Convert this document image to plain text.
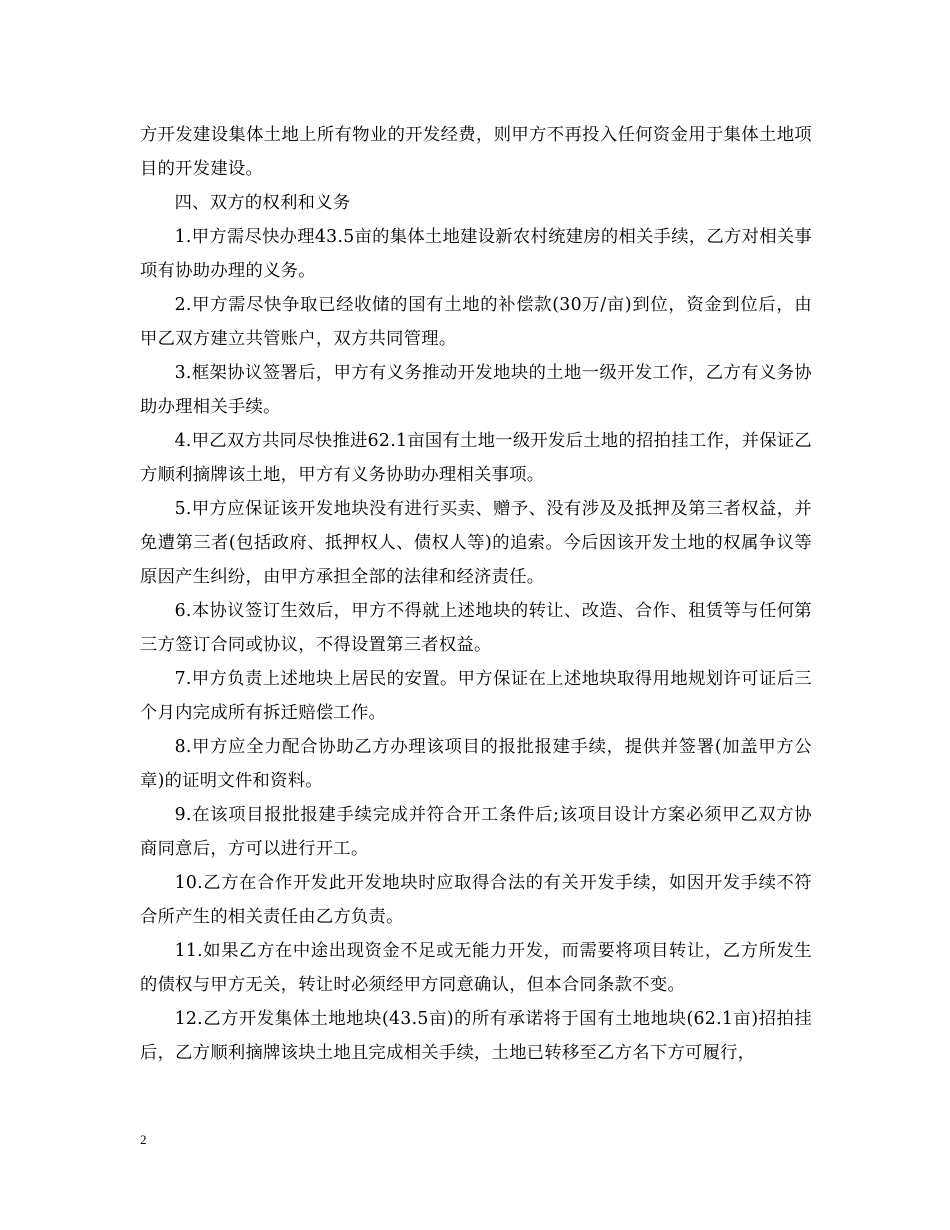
方开发建设集体土地上所有物业的开发经费，则甲方不再投入任何资金用于集体土地项目的开发建设。

四、双方的权利和义务

1.甲方需尽快办理43.5亩的集体土地建设新农村统建房的相关手续，乙方对相关事项有协助办理的义务。

2.甲方需尽快争取已经收储的国有土地的补偿款(30万/亩)到位，资金到位后，由甲乙双方建立共管账户，双方共同管理。

3.框架协议签署后，甲方有义务推动开发地块的土地一级开发工作，乙方有义务协助办理相关手续。

4.甲乙双方共同尽快推进62.1亩国有土地一级开发后土地的招拍挂工作，并保证乙方顺利摘牌该土地，甲方有义务协助办理相关事项。

5.甲方应保证该开发地块没有进行买卖、赠予、没有涉及及抵押及第三者权益，并免遭第三者(包括政府、抵押权人、债权人等)的追索。今后因该开发土地的权属争议等原因产生纠纷，由甲方承担全部的法律和经济责任。

6.本协议签订生效后，甲方不得就上述地块的转让、改造、合作、租赁等与任何第三方签订合同或协议，不得设置第三者权益。

7.甲方负责上述地块上居民的安置。甲方保证在上述地块取得用地规划许可证后三个月内完成所有拆迁赔偿工作。

8.甲方应全力配合协助乙方办理该项目的报批报建手续，提供并签署(加盖甲方公章)的证明文件和资料。

9.在该项目报批报建手续完成并符合开工条件后;该项目设计方案必须甲乙双方协商同意后，方可以进行开工。

10.乙方在合作开发此开发地块时应取得合法的有关开发手续，如因开发手续不符合所产生的相关责任由乙方负责。

11.如果乙方在中途出现资金不足或无能力开发，而需要将项目转让，乙方所发生的债权与甲方无关，转让时必须经甲方同意确认，但本合同条款不变。

12.乙方开发集体土地地块(43.5亩)的所有承诺将于国有土地地块(62.1亩)招拍挂后，乙方顺利摘牌该块土地且完成相关手续，土地已转移至乙方名下方可履行，

2
